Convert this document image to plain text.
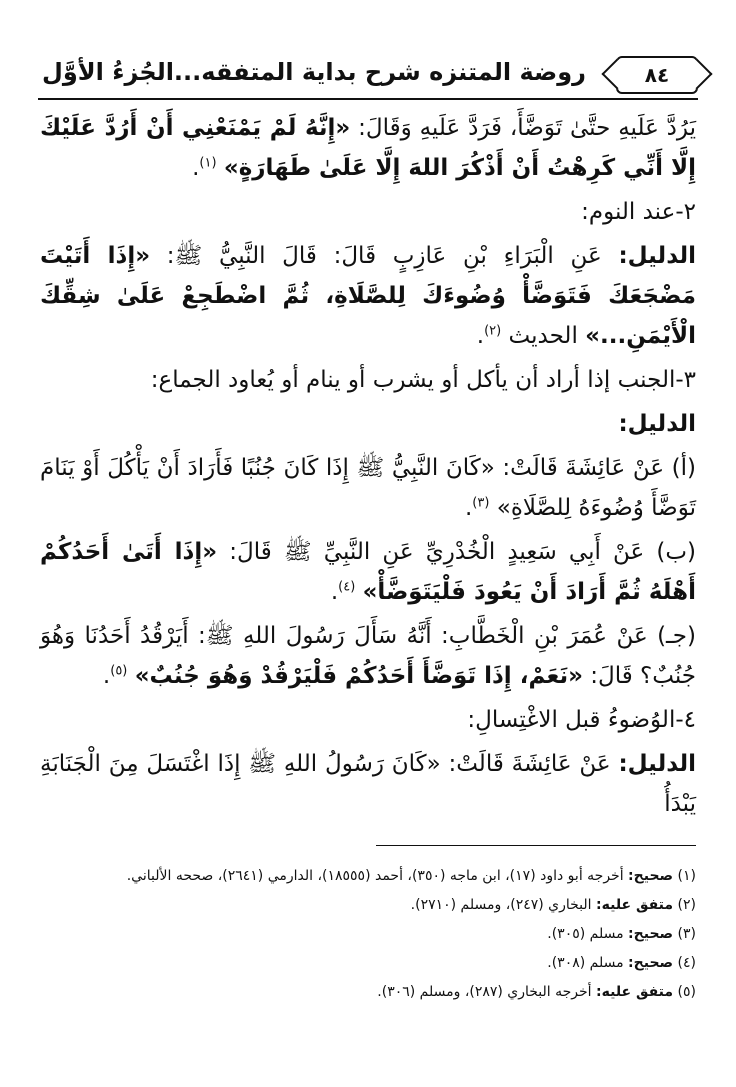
روضة المتنزه شرح بداية المتفقه...الجُزءُ الأوَّل	٨٤

يَرُدَّ عَلَيهِ حتَّىٰ تَوَضَّأَ، فَرَدَّ عَلَيهِ وَقَالَ: «إِنَّهُ لَمْ يَمْنَعْنِي أَنْ أَرُدَّ عَلَيْكَ إِلَّا أَنِّي كَرِهْتُ أَنْ أَذْكُرَ اللهَ إِلَّا عَلَىٰ طَهَارَةٍ» $^{(١)}$.

٢-عند النوم:

الدليل: عَنِ الْبَرَاءِ بْنِ عَازِبٍ قَالَ: قَالَ النَّبِيُّ ﷺ: «إِذَا أَتَيْتَ مَضْجَعَكَ فَتَوَضَّأْ وُضُوءَكَ لِلصَّلَاةِ، ثُمَّ اضْطَجِعْ عَلَىٰ شِقِّكَ الْأَيْمَنِ...» الحديث $^{(٢)}$.

٣-الجنب إذا أراد أن يأكل أو يشرب أو ينام أو يُعاود الجماع:

الدليل:

(أ) عَنْ عَائِشَةَ قَالَتْ: «كَانَ النَّبِيُّ ﷺ إِذَا كَانَ جُنُبًا فَأَرَادَ أَنْ يَأْكُلَ أَوْ يَنَامَ تَوَضَّأَ وُضُوءَهُ لِلصَّلَاةِ» $^{(٣)}$.

(ب) عَنْ أَبِي سَعِيدٍ الْخُدْرِيِّ عَنِ النَّبِيِّ ﷺ قَالَ: «إِذَا أَتَىٰ أَحَدُكُمْ أَهْلَهُ ثُمَّ أَرَادَ أَنْ يَعُودَ فَلْيَتَوَضَّأْ» $^{(٤)}$.

(جـ) عَنْ عُمَرَ بْنِ الْخَطَّابِ: أَنَّهُ سَأَلَ رَسُولَ اللهِ ﷺ: أَيَرْقُدُ أَحَدُنَا وَهُوَ جُنُبٌ؟ قَالَ: «نَعَمْ، إِذَا تَوَضَّأَ أَحَدُكُمْ فَلْيَرْقُدْ وَهُوَ جُنُبٌ» $^{(٥)}$.

٤-الوُضوءُ قبل الاغْتِسالِ:

الدليل: عَنْ عَائِشَةَ قَالَتْ: «كَانَ رَسُولُ اللهِ ﷺ إِذَا اغْتَسَلَ مِنَ الْجَنَابَةِ يَبْدَأُ

(١) صحيح: أخرجه أبو داود (١٧)، ابن ماجه (٣٥٠)، أحمد (١٨٥٥٥)، الدارمي (٢٦٤١)، صححه الألباني.

(٢) متفق عليه: البخاري (٢٤٧)، ومسلم (٢٧١٠).

(٣) صحيح: مسلم (٣٠٥).

(٤) صحيح: مسلم (٣٠٨).

(٥) متفق عليه: أخرجه البخاري (٢٨٧)، ومسلم (٣٠٦).
